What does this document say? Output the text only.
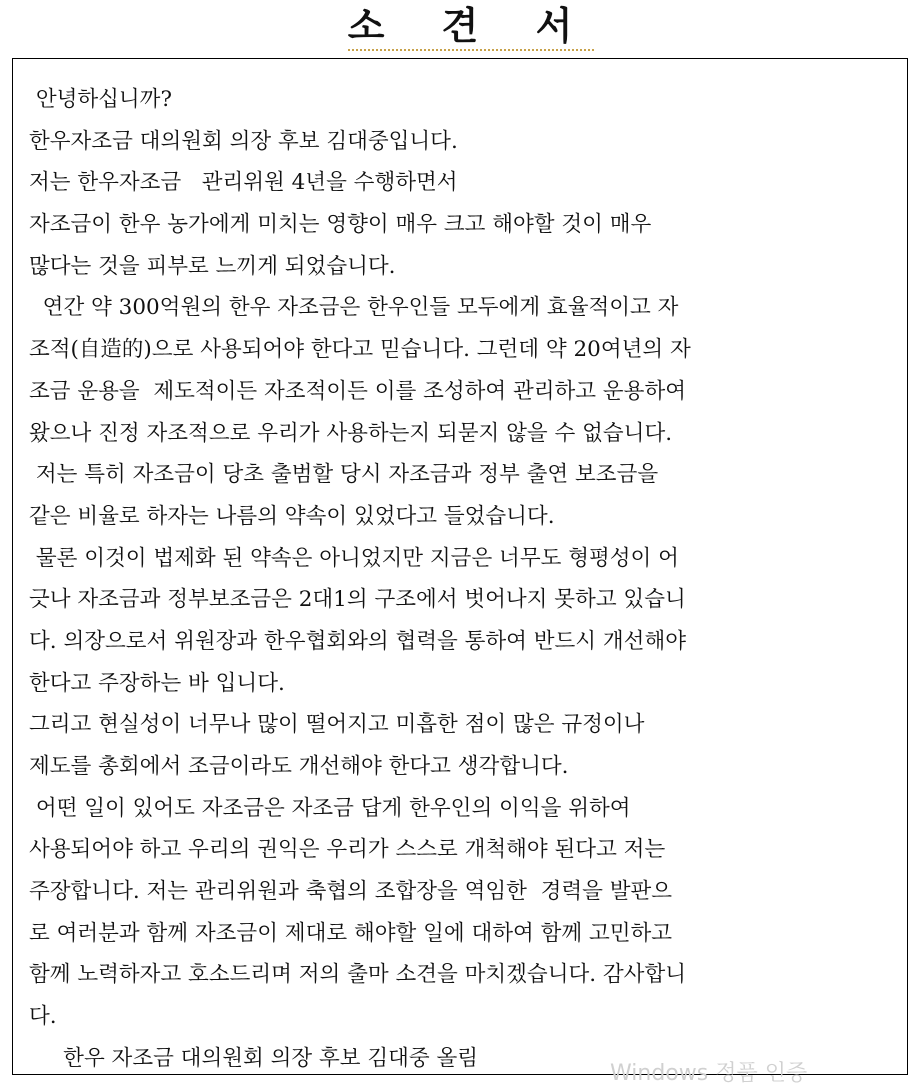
소 견 서
안녕하십니까?
한우자조금 대의원회 의장 후보 김대중입니다.
저는 한우자조금   관리위원 4년을 수행하면서
자조금이 한우 농가에게 미치는 영향이 매우 크고 해야할 것이 매우
많다는 것을 피부로 느끼게 되었습니다.
연간 약 300억원의 한우 자조금은 한우인들 모두에게 효율적이고 자
조적(自造的)으로 사용되어야 한다고 믿습니다. 그런데 약 20여년의 자
조금 운용을  제도적이든 자조적이든 이를 조성하여 관리하고 운용하여
왔으나 진정 자조적으로 우리가 사용하는지 되묻지 않을 수 없습니다.
저는 특히 자조금이 당초 출범할 당시 자조금과 정부 출연 보조금을
같은 비율로 하자는 나름의 약속이 있었다고 들었습니다.
물론 이것이 법제화 된 약속은 아니었지만 지금은 너무도 형평성이 어
긋나 자조금과 정부보조금은 2대1의 구조에서 벗어나지 못하고 있습니
다. 의장으로서 위원장과 한우협회와의 협력을 통하여 반드시 개선해야
한다고 주장하는 바 입니다.
그리고 현실성이 너무나 많이 떨어지고 미흡한 점이 많은 규정이나
제도를 총회에서 조금이라도 개선해야 한다고 생각합니다.
어떤 일이 있어도 자조금은 자조금 답게 한우인의 이익을 위하여
사용되어야 하고 우리의 권익은 우리가 스스로 개척해야 된다고 저는
주장합니다. 저는 관리위원과 축협의 조합장을 역임한  경력을 발판으
로 여러분과 함께 자조금이 제대로 해야할 일에 대하여 함께 고민하고
함께 노력하자고 호소드리며 저의 출마 소견을 마치겠습니다. 감사합니
다.
한우 자조금 대의원회 의장 후보 김대중 올림
Windows 정품 인증
